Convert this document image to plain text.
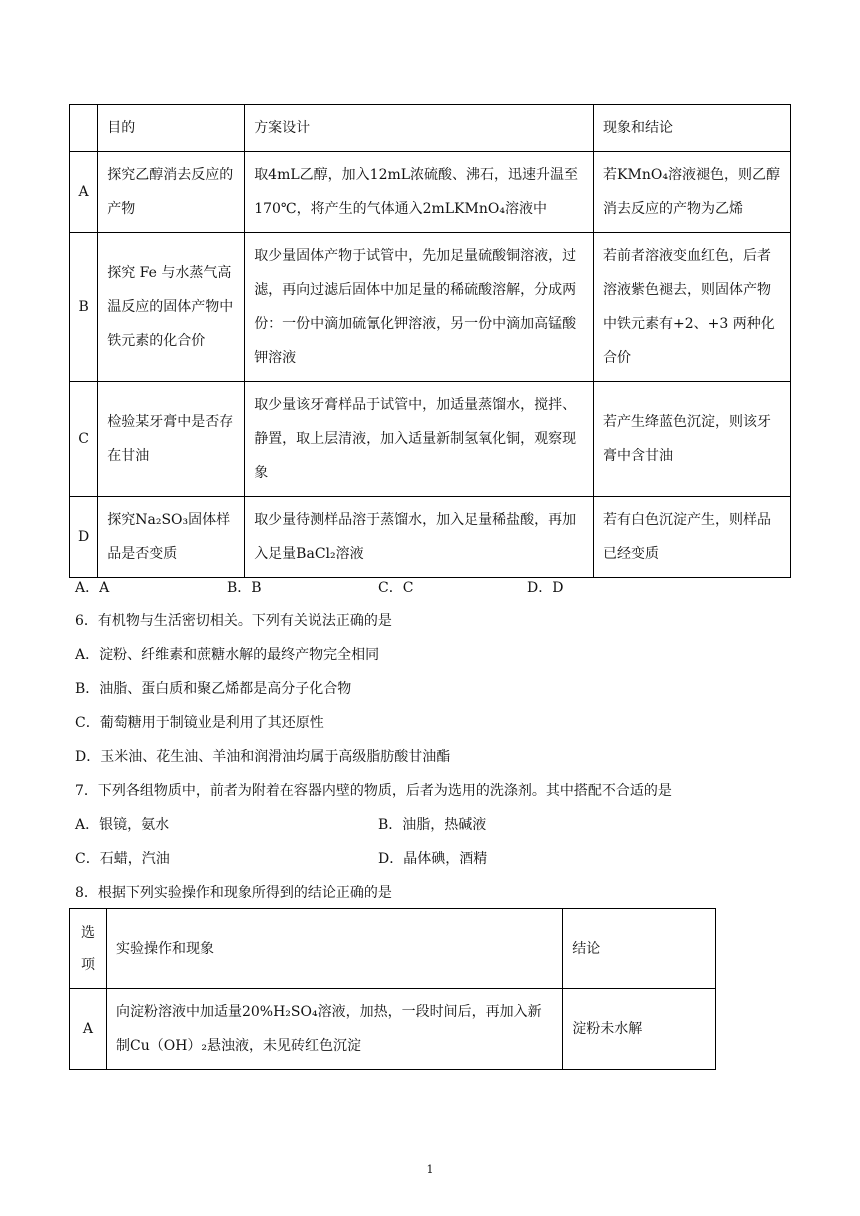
	目的	方案设计	现象和结论
A	探究乙醇消去反应的产物	取4mL乙醇，加入12mL浓硫酸、沸石，迅速升温至170℃，将产生的气体通入2mLKMnO₄溶液中	若KMnO₄溶液褪色，则乙醇消去反应的产物为乙烯
B	探究 Fe 与水蒸气高温反应的固体产物中铁元素的化合价	取少量固体产物于试管中，先加足量硫酸铜溶液，过滤，再向过滤后固体中加足量的稀硫酸溶解，分成两份：一份中滴加硫氰化钾溶液，另一份中滴加高锰酸钾溶液	若前者溶液变血红色，后者溶液紫色褪去，则固体产物中铁元素有+2、+3 两种化合价
C	检验某牙膏中是否存在甘油	取少量该牙膏样品于试管中，加适量蒸馏水，搅拌、静置，取上层清液，加入适量新制氢氧化铜，观察现象	若产生绛蓝色沉淀，则该牙膏中含甘油
D	探究Na₂SO₃固体样品是否变质	取少量待测样品溶于蒸馏水，加入足量稀盐酸，再加入足量BaCl₂溶液	若有白色沉淀产生，则样品已经变质
A．A	B．B	C．C	D．D
6．有机物与生活密切相关。下列有关说法正确的是
A．淀粉、纤维素和蔗糖水解的最终产物完全相同
B．油脂、蛋白质和聚乙烯都是高分子化合物
C．葡萄糖用于制镜业是利用了其还原性
D．玉米油、花生油、羊油和润滑油均属于高级脂肪酸甘油酯
7．下列各组物质中，前者为附着在容器内壁的物质，后者为选用的洗涤剂。其中搭配不合适的是
A．银镜，氨水	B．油脂，热碱液
C．石蜡，汽油	D．晶体碘，酒精
8．根据下列实验操作和现象所得到的结论正确的是
选项	实验操作和现象	结论
A	向淀粉溶液中加适量20%H₂SO₄溶液，加热，一段时间后，再加入新制Cu（OH）₂悬浊液，未见砖红色沉淀	淀粉未水解
1
